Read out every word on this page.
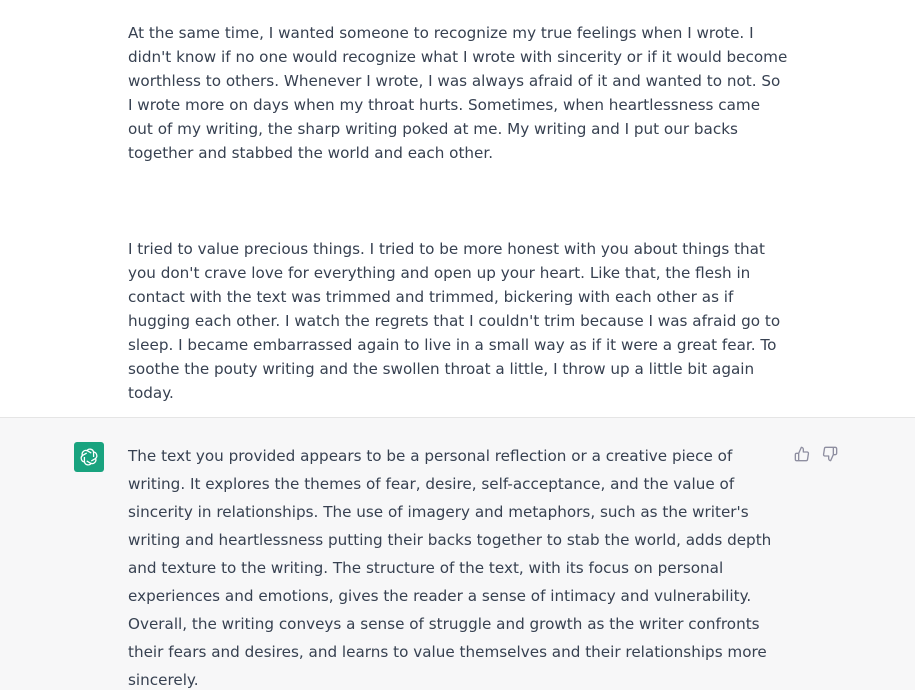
At the same time, I wanted someone to recognize my true feelings when I wrote. I didn't know if no one would recognize what I wrote with sincerity or if it would become worthless to others. Whenever I wrote, I was always afraid of it and wanted to not. So I wrote more on days when my throat hurts. Sometimes, when heartlessness came out of my writing, the sharp writing poked at me. My writing and I put our backs together and stabbed the world and each other.

I tried to value precious things. I tried to be more honest with you about things that you don't crave love for everything and open up your heart. Like that, the flesh in contact with the text was trimmed and trimmed, bickering with each other as if hugging each other. I watch the regrets that I couldn't trim because I was afraid go to sleep. I became embarrassed again to live in a small way as if it were a great fear. To soothe the pouty writing and the swollen throat a little, I throw up a little bit again today.

The text you provided appears to be a personal reflection or a creative piece of writing. It explores the themes of fear, desire, self-acceptance, and the value of sincerity in relationships. The use of imagery and metaphors, such as the writer's writing and heartlessness putting their backs together to stab the world, adds depth and texture to the writing. The structure of the text, with its focus on personal experiences and emotions, gives the reader a sense of intimacy and vulnerability. Overall, the writing conveys a sense of struggle and growth as the writer confronts their fears and desires, and learns to value themselves and their relationships more sincerely.
